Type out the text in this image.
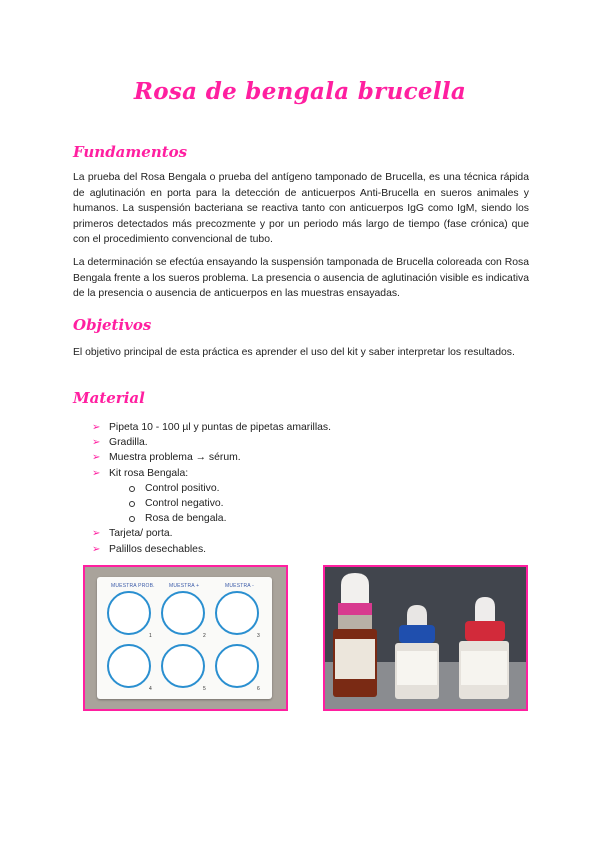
Rosa de bengala brucella
Fundamentos

La prueba del Rosa Bengala o prueba del antígeno tamponado de Brucella, es una técnica rápida de aglutinación en porta para la detección de anticuerpos Anti-Brucella en sueros animales y humanos. La suspensión bacteriana se reactiva tanto con anticuerpos IgG como IgM, siendo los primeros detectados más precozmente y por un periodo más largo de tiempo (fase crónica) que con el procedimiento convencional de tubo.

La determinación se efectúa ensayando la suspensión tamponada de Brucella coloreada con Rosa Bengala frente a los sueros problema. La presencia o ausencia de aglutinación visible es indicativa de la presencia o ausencia de anticuerpos en las muestras ensayadas.

Objetivos

El objetivo principal de esta práctica es aprender el uso del kit y saber interpretar los resultados.

Material
➢ Pipeta 10 - 100 µl y puntas de pipetas amarillas.
➢ Gradilla.
➢ Muestra problema → sérum.
➢ Kit rosa Bengala:
Control positivo.
Control negativo.
Rosa de bengala.
➢ Tarjeta/ porta.
➢ Palillos desechables.
MUESTRA PROB.	MUESTRA +	MUESTRA -
1	2	3
4	5	6
